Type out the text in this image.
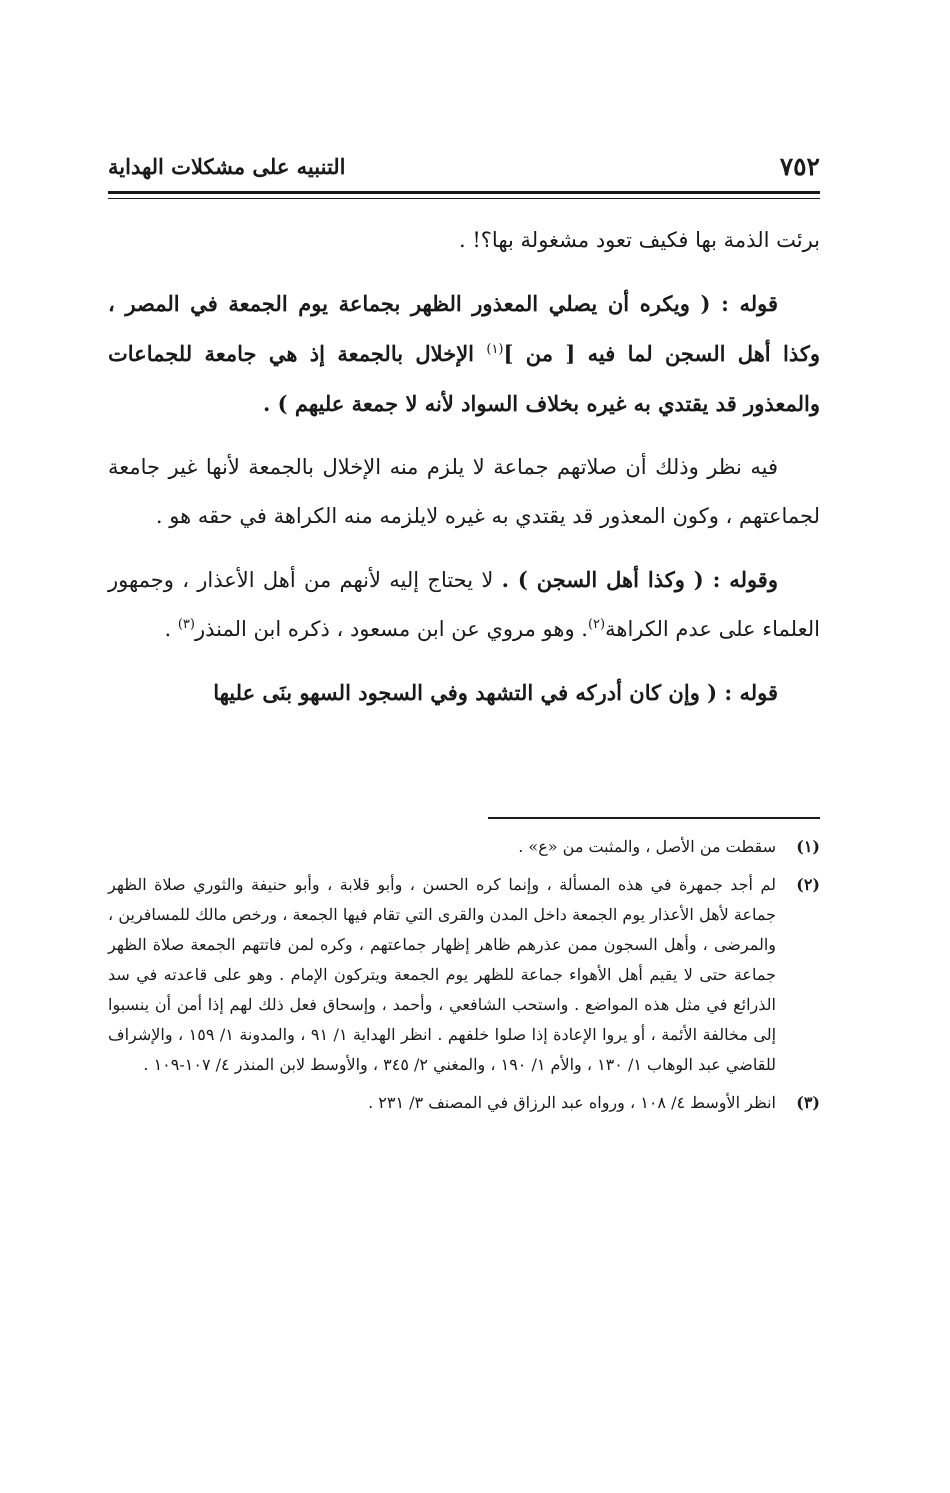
٧٥٢
التنبيه على مشكلات الهداية

برئت الذمة بها فكيف تعود مشغولة بها؟! .

قوله : ( ويكره أن يصلي المعذور الظهر بجماعة يوم الجمعة في المصر ، وكذا أهل السجن لما فيه [ من ]$^{(١)}$ الإخلال بالجمعة إذ هي جامعة للجماعات والمعذور قد يقتدي به غيره بخلاف السواد لأنه لا جمعة عليهم ) .

فيه نظر وذلك أن صلاتهم جماعة لا يلزم منه الإخلال بالجمعة لأنها غير جامعة لجماعتهم ، وكون المعذور قد يقتدي به غيره لايلزمه منه الكراهة في حقه هو .

وقوله : ( وكذا أهل السجن ) . لا يحتاج إليه لأنهم من أهل الأعذار ، وجمهور العلماء على عدم الكراهة$^{(٢)}$. وهو مروي عن ابن مسعود ، ذكره ابن المنذر$^{(٣)}$ .

قوله : ( وإن كان أدركه في التشهد وفي السجود السهو بنَى عليها

(١)
سقطت من الأصل ، والمثبت من «ع» .
(٢)
لم أجد جمهرة في هذه المسألة ، وإنما كره الحسن ، وأبو قلابة ، وأبو حنيفة والثوري صلاة الظهر جماعة لأهل الأعذار يوم الجمعة داخل المدن والقرى التي تقام فيها الجمعة ، ورخص مالك للمسافرين ، والمرضى ، وأهل السجون ممن عذرهم ظاهر إظهار جماعتهم ، وكره لمن فاتتهم الجمعة صلاة الظهر جماعة حتى لا يقيم أهل الأهواء جماعة للظهر يوم الجمعة ويتركون الإمام . وهو على قاعدته في سد الذرائع في مثل هذه المواضع . واستحب الشافعي ، وأحمد ، وإسحاق فعل ذلك لهم إذا أمن أن ينسبوا إلى مخالفة الأئمة ، أو يروا الإعادة إذا صلوا خلفهم . انظر الهداية ١/ ٩١ ، والمدونة ١/ ١٥٩ ، والإشراف للقاضي عبد الوهاب ١/ ١٣٠ ، والأم ١/ ١٩٠ ، والمغني ٢/ ٣٤٥ ، والأوسط لابن المنذر ٤/ ١٠٧-١٠٩ .
(٣)
انظر الأوسط ٤/ ١٠٨ ، ورواه عبد الرزاق في المصنف ٣/ ٢٣١ .
